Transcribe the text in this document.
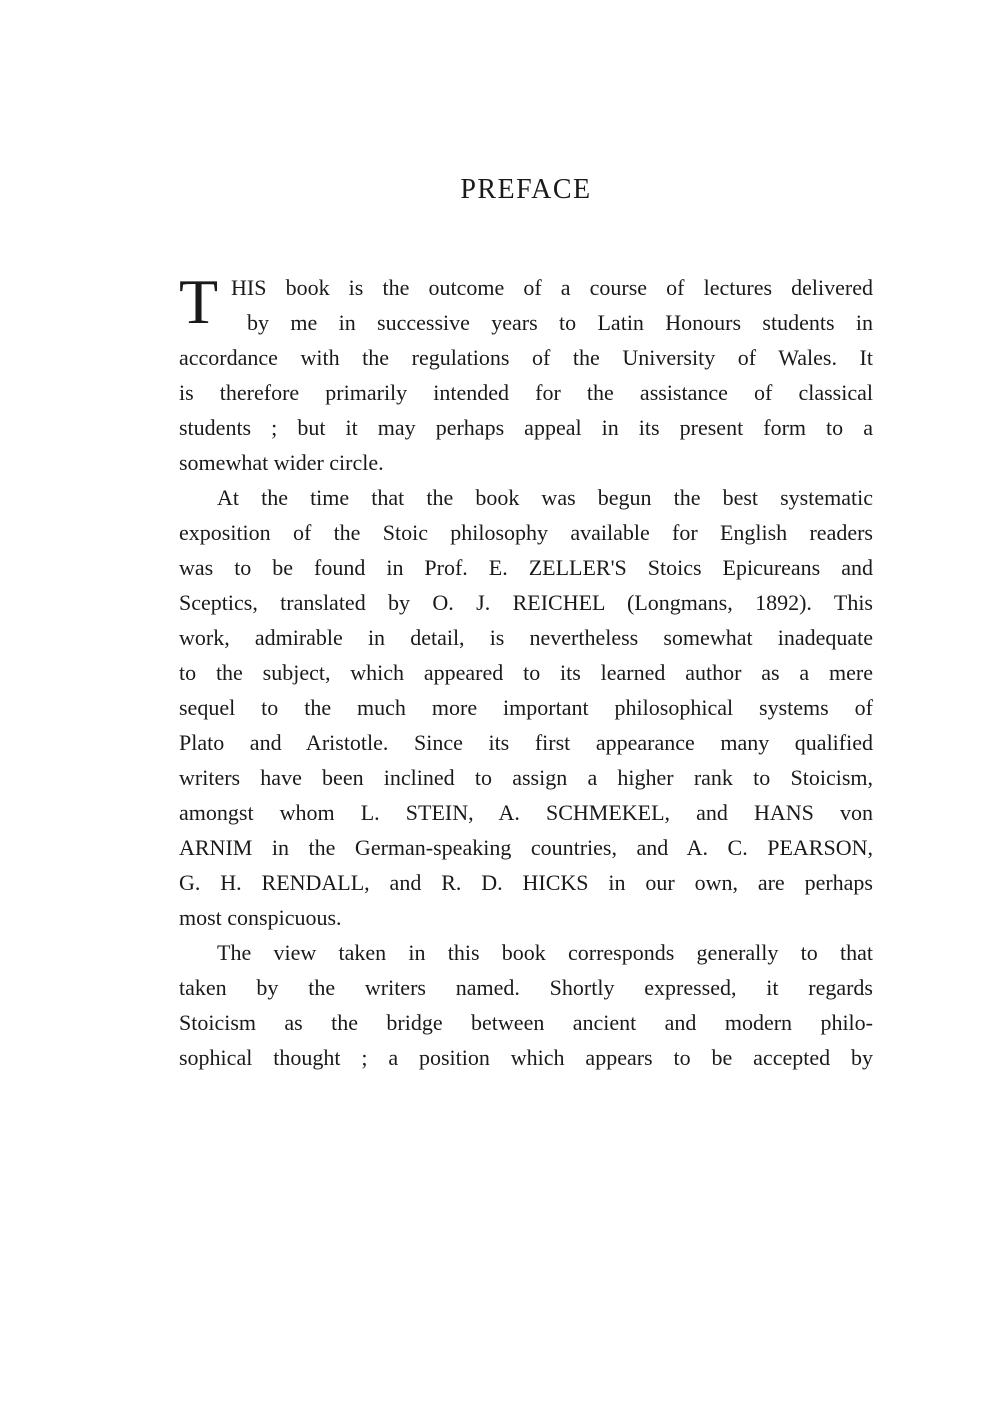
PREFACE
T HIS book is the outcome of a course of lectures delivered
by me in successive years to Latin Honours students in
accordance with the regulations of the University of Wales. It
is therefore primarily intended for the assistance of classical
students ; but it may perhaps appeal in its present form to a
somewhat wider circle.
At the time that the book was begun the best systematic
exposition of the Stoic philosophy available for English readers
was to be found in Prof. E. ZELLER'S Stoics Epicureans and
Sceptics, translated by O. J. REICHEL (Longmans, 1892). This
work, admirable in detail, is nevertheless somewhat inadequate
to the subject, which appeared to its learned author as a mere
sequel to the much more important philosophical systems of
Plato and Aristotle. Since its first appearance many qualified
writers have been inclined to assign a higher rank to Stoicism,
amongst whom L. STEIN, A. SCHMEKEL, and HANS von
ARNIM in the German-speaking countries, and A. C. PEARSON,
G. H. RENDALL, and R. D. HICKS in our own, are perhaps
most conspicuous.
The view taken in this book corresponds generally to that
taken by the writers named. Shortly expressed, it regards
Stoicism as the bridge between ancient and modern philo-
sophical thought ; a position which appears to be accepted by
